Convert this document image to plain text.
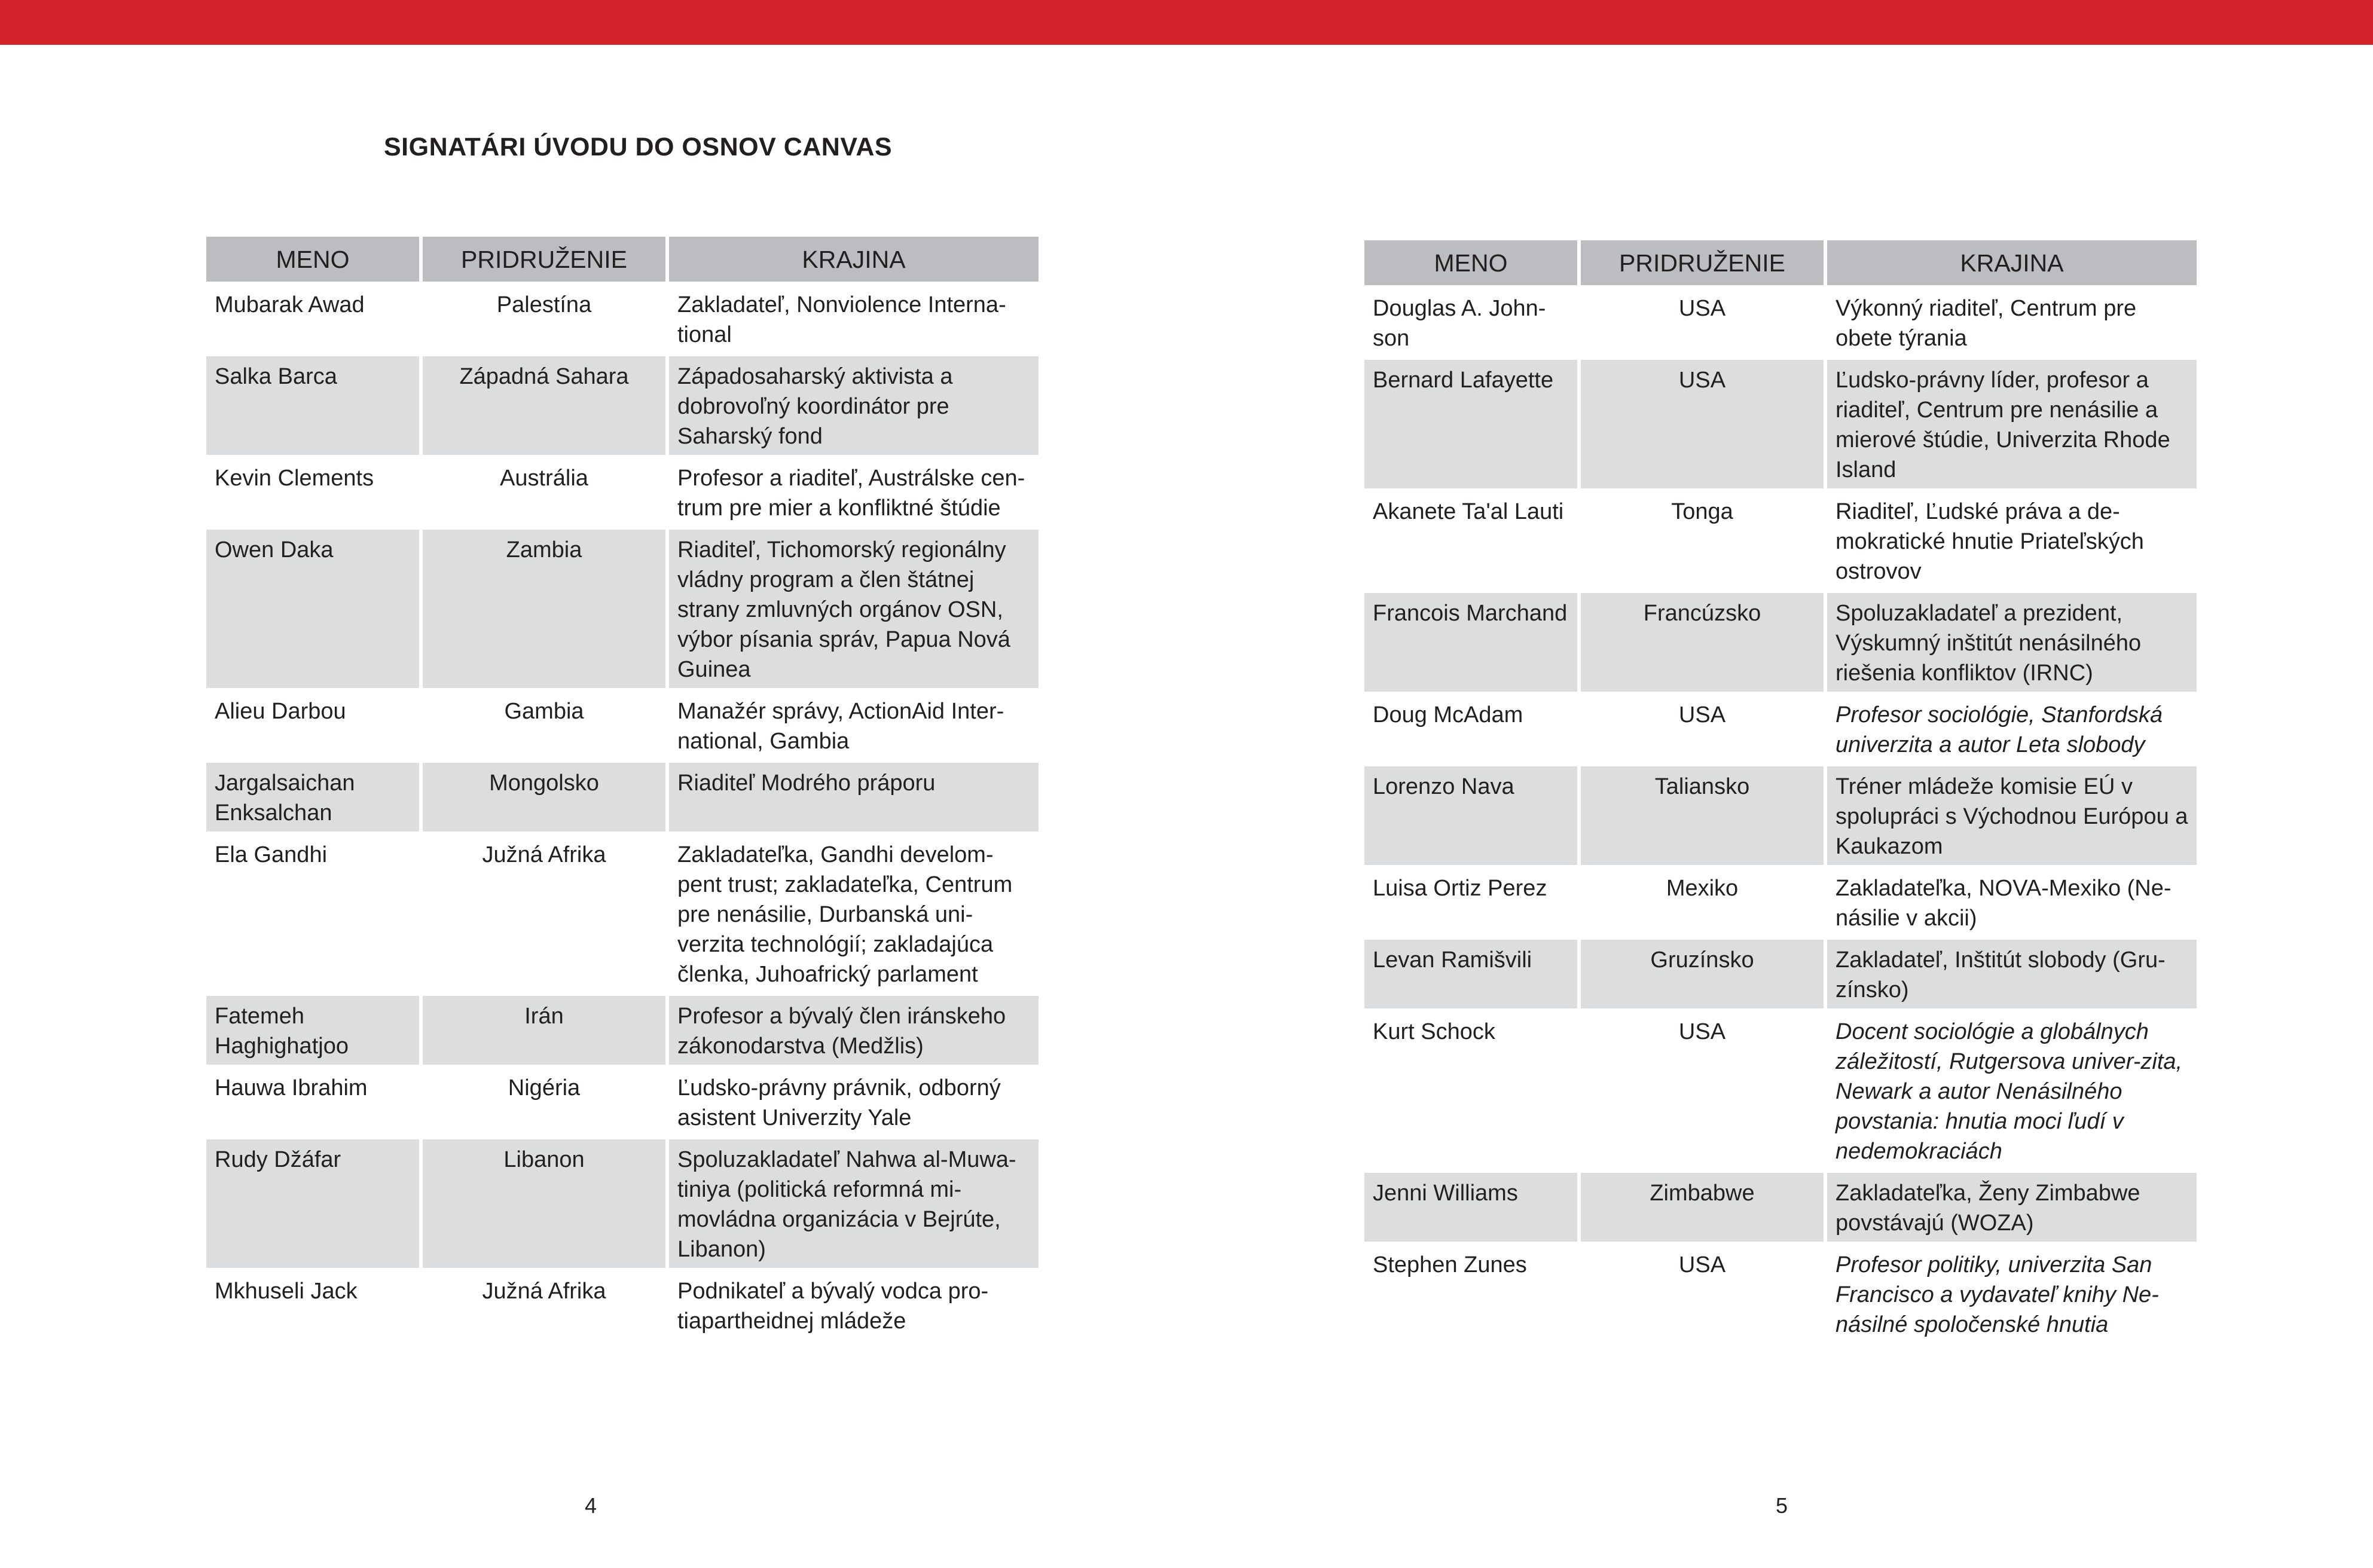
SIGNATÁRI ÚVODU DO OSNOV CANVAS
MENO	PRIDRUŽENIE	KRAJINA
Mubarak Awad	Palestína	Zakladateľ, Nonviolence Interna-tional
Salka Barca	Západná Sahara	Západosaharský aktivista a dobrovoľný koordinátor pre Saharský fond
Kevin Clements	Austrália	Profesor a riaditeľ, Austrálske cen-trum pre mier a konfliktné štúdie
Owen Daka	Zambia	Riaditeľ, Tichomorský regionálny vládny program a člen štátnej strany zmluvných orgánov OSN, výbor písania správ, Papua Nová Guinea
Alieu Darbou	Gambia	Manažér správy, ActionAid Inter-national, Gambia
Jargalsaichan Enksalchan	Mongolsko	Riaditeľ Modrého práporu
Ela Gandhi	Južná Afrika	Zakladateľka, Gandhi develom-pent trust; zakladateľka, Centrum pre nenásilie, Durbanská uni-verzita technológií; zakladajúca členka, Juhoafrický parlament
Fatemeh Haghighatjoo	Irán	Profesor a bývalý člen iránskeho zákonodarstva (Medžlis)
Hauwa Ibrahim	Nigéria	Ľudsko-právny právnik, odborný asistent Univerzity Yale
Rudy Džáfar	Libanon	Spoluzakladateľ Nahwa al-Muwa-tiniya (politická reformná mi-movládna organizácia v Bejrúte, Libanon)
Mkhuseli Jack	Južná Afrika	Podnikateľ a bývalý vodca pro-tiapartheidnej mládeže
MENO	PRIDRUŽENIE	KRAJINA
Douglas A. John-son	USA	Výkonný riaditeľ, Centrum pre obete týrania
Bernard Lafayette	USA	Ľudsko-právny líder, profesor a riaditeľ, Centrum pre nenásilie a mierové štúdie, Univerzita Rhode Island
Akanete Ta'al Lauti	Tonga	Riaditeľ, Ľudské práva a de-mokratické hnutie Priateľských ostrovov
Francois Marchand	Francúzsko	Spoluzakladateľ a prezident, Výskumný inštitút nenásilného riešenia konfliktov (IRNC)
Doug McAdam	USA	Profesor sociológie, Stanfordská univerzita a autor Leta slobody
Lorenzo Nava	Taliansko	Tréner mládeže komisie EÚ v spolupráci s Východnou Európou a Kaukazom
Luisa Ortiz Perez	Mexiko	Zakladateľka, NOVA-Mexiko (Ne-násilie v akcii)
Levan Ramišvili	Gruzínsko	Zakladateľ, Inštitút slobody (Gru-zínsko)
Kurt Schock	USA	Docent sociológie a globálnych záležitostí, Rutgersova univer-zita, Newark a autor Nenásilného povstania: hnutia moci ľudí v nedemokraciách
Jenni Williams	Zimbabwe	Zakladateľka, Ženy Zimbabwe povstávajú (WOZA)
Stephen Zunes	USA	Profesor politiky, univerzita San Francisco a vydavateľ knihy Ne-násilné spoločenské hnutia
4	5
